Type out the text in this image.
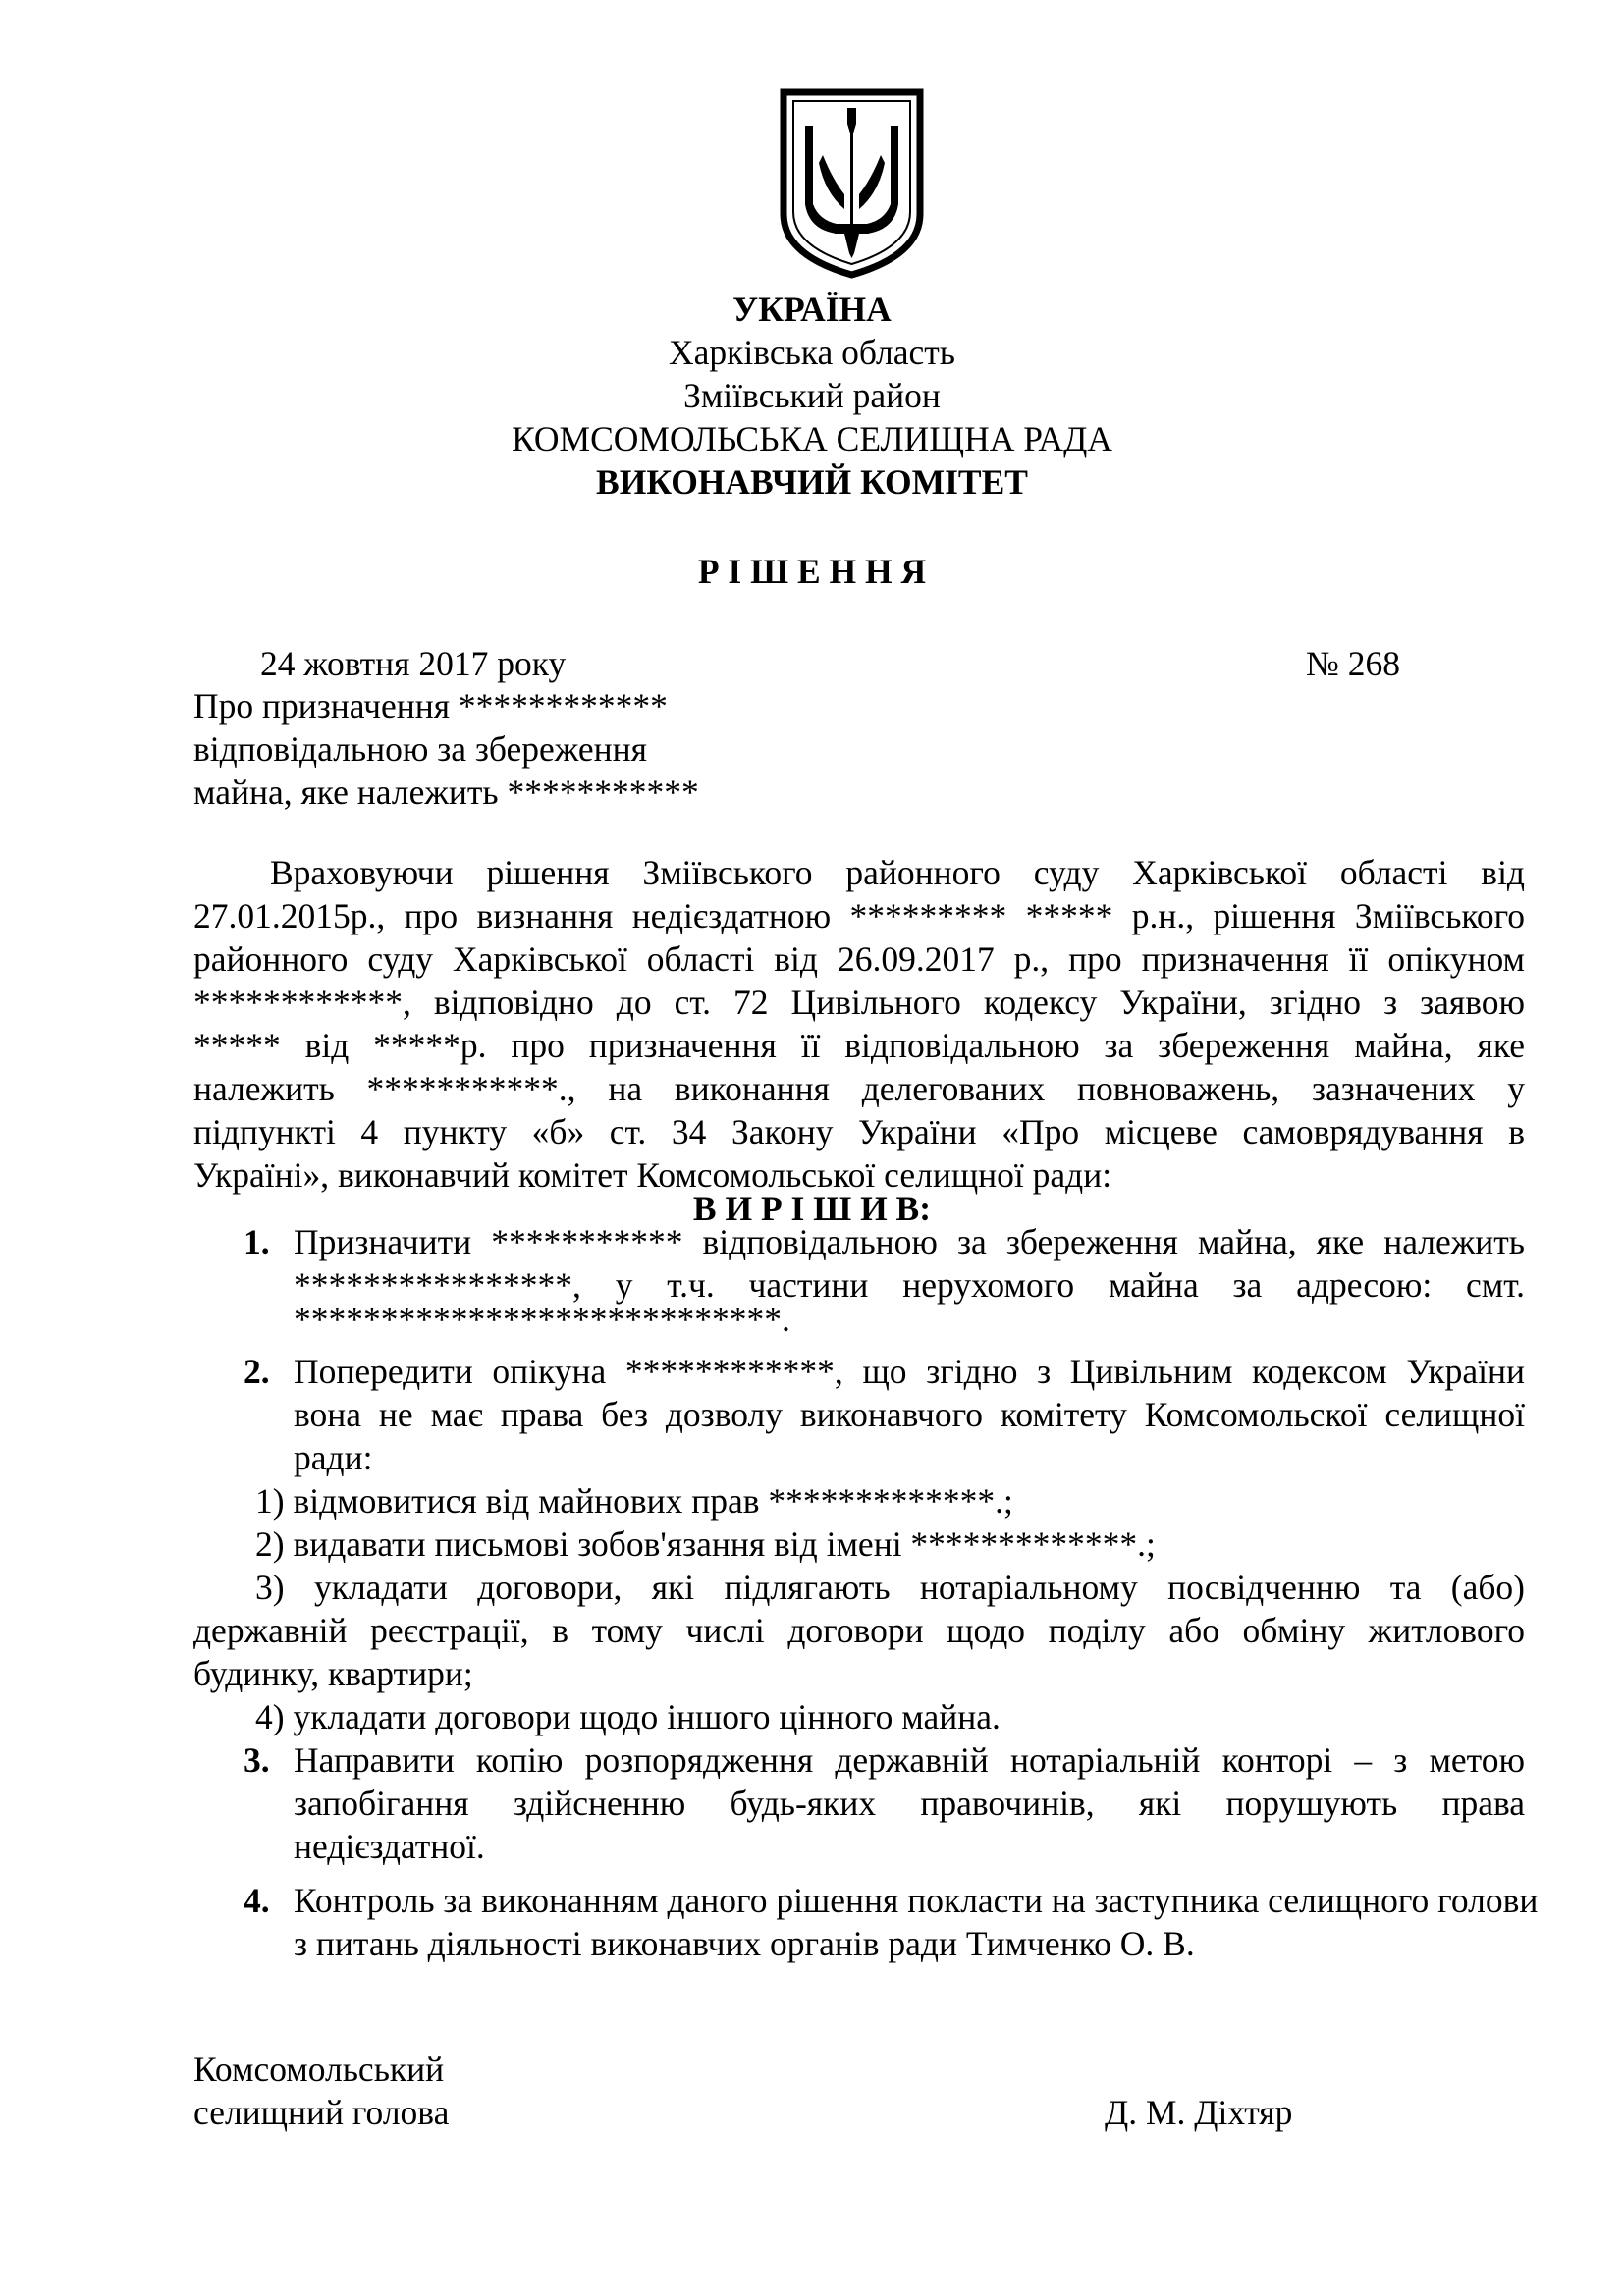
УКРАЇНА
Харківська область
Зміївський район
КОМСОМОЛЬСЬКА СЕЛИЩНА РАДА
ВИКОНАВЧИЙ КОМІТЕТ
Р І Ш Е Н Н Я
24 жовтня 2017 року	№ 268
Про призначення ************
відповідальною за збереження
майна, яке належить ***********
Враховуючи рішення Зміївського районного суду Харківської області від
27.01.2015р., про визнання недієздатною ********* ***** р.н., рішення Зміївського
районного суду Харківської області від 26.09.2017 р., про призначення її опікуном
************, відповідно до ст. 72 Цивільного кодексу України, згідно з заявою
***** від *****р. про призначення її відповідальною за збереження майна, яке
належить ***********., на виконання делегованих повноважень, зазначених у
підпункті 4 пункту «б» ст. 34 Закону України «Про місцеве самоврядування в
Україні», виконавчий комітет Комсомольської селищної ради:
В И Р І Ш И В:
1. Призначити *********** відповідальною за збереження майна, яке належить
****************, у т.ч. частини нерухомого майна за адресою: смт.
****************************.
2. Попередити опікуна ************, що згідно з Цивільним кодексом України
вона не має права без дозволу виконавчого комітету Комсомольскої селищної
ради:
1) відмовитися від майнових прав *************.;
2) видавати письмові зобов'язання від імені *************.;
3) укладати договори, які підлягають нотаріальному посвідченню та (або)
державній реєстрації, в тому числі договори щодо поділу або обміну житлового
будинку, квартири;
4) укладати договори щодо іншого цінного майна.
3. Направити копію розпорядження державній нотаріальній конторі – з метою
запобігання здійсненню будь-яких правочинів, які порушують права
недієздатної.
4. Контроль за виконанням даного рішення покласти на заступника селищного голови
з питань діяльності виконавчих органів ради Тимченко О. В.
Комсомольський
селищний голова	Д. М. Діхтяр
